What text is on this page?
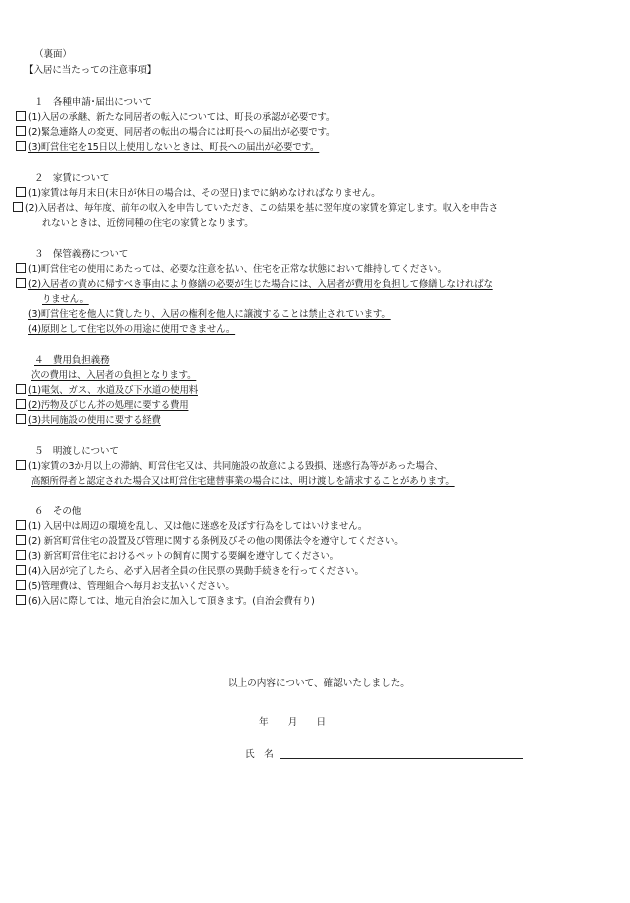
（裏面）
【入居に当たっての注意事項】
１　各種申請･届出について
(1)入居の承継、新たな同居者の転入については、町長の承認が必要です。
(2)緊急連絡人の変更、同居者の転出の場合には町長への届出が必要です。
(3)町営住宅を15日以上使用しないときは、町長への届出が必要です。
２　家賃について
(1)家賃は毎月末日(末日が休日の場合は、その翌日)までに納めなければなりません。
(2)入居者は、毎年度、前年の収入を申告していただき、この結果を基に翌年度の家賃を算定します。収入を申告さ
れないときは、近傍同種の住宅の家賃となります。
３　保管義務について
(1)町営住宅の使用にあたっては、必要な注意を払い、住宅を正常な状態において維持してください。
(2)入居者の責めに帰すべき事由により修繕の必要が生じた場合には、入居者が費用を負担して修繕しなければな
りません。
(3)町営住宅を他人に貸したり、入居の権利を他人に譲渡することは禁止されています。
(4)原則として住宅以外の用途に使用できません。
４　費用負担義務
次の費用は、入居者の負担となります。
(1)電気、ガス、水道及び下水道の使用料
(2)汚物及びじん芥の処理に要する費用
(3)共同施設の使用に要する経費
５　明渡しについて
(1)家賃の3か月以上の滞納、町営住宅又は、共同施設の故意による毀損、迷惑行為等があった場合、
高額所得者と認定された場合又は町営住宅建替事業の場合には、明け渡しを請求することがあります。
６　その他
(1) 入居中は周辺の環境を乱し、又は他に迷惑を及ぼす行為をしてはいけません。
(2) 新宮町営住宅の設置及び管理に関する条例及びその他の関係法令を遵守してください。
(3) 新宮町営住宅におけるペットの飼育に関する要綱を遵守してください。
(4)入居が完了したら、必ず入居者全員の住民票の異動手続きを行ってください。
(5)管理費は、管理組合へ毎月お支払いください。
(6)入居に際しては、地元自治会に加入して頂きます。(自治会費有り)
以上の内容について、確認いたしました。
年　　月　　日
氏　名
